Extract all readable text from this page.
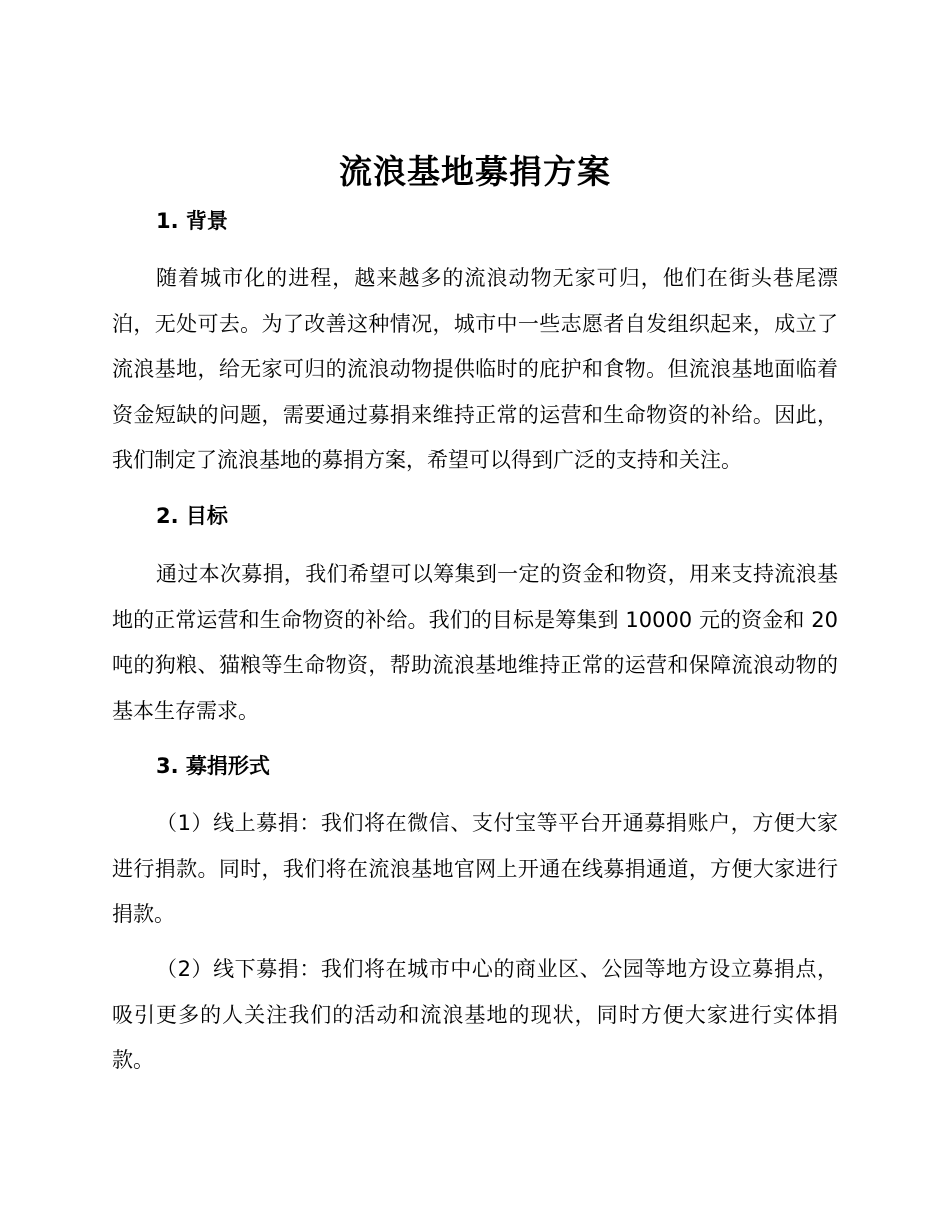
流浪基地募捐方案
1. 背景
随着城市化的进程，越来越多的流浪动物无家可归，他们在街头巷尾漂泊，无处可去。为了改善这种情况，城市中一些志愿者自发组织起来，成立了流浪基地，给无家可归的流浪动物提供临时的庇护和食物。但流浪基地面临着资金短缺的问题，需要通过募捐来维持正常的运营和生命物资的补给。因此，我们制定了流浪基地的募捐方案，希望可以得到广泛的支持和关注。
2. 目标
通过本次募捐，我们希望可以筹集到一定的资金和物资，用来支持流浪基地的正常运营和生命物资的补给。我们的目标是筹集到 10000 元的资金和 20 吨的狗粮、猫粮等生命物资，帮助流浪基地维持正常的运营和保障流浪动物的基本生存需求。
3. 募捐形式
（1）线上募捐：我们将在微信、支付宝等平台开通募捐账户，方便大家进行捐款。同时，我们将在流浪基地官网上开通在线募捐通道，方便大家进行捐款。
（2）线下募捐：我们将在城市中心的商业区、公园等地方设立募捐点，吸引更多的人关注我们的活动和流浪基地的现状，同时方便大家进行实体捐款。
